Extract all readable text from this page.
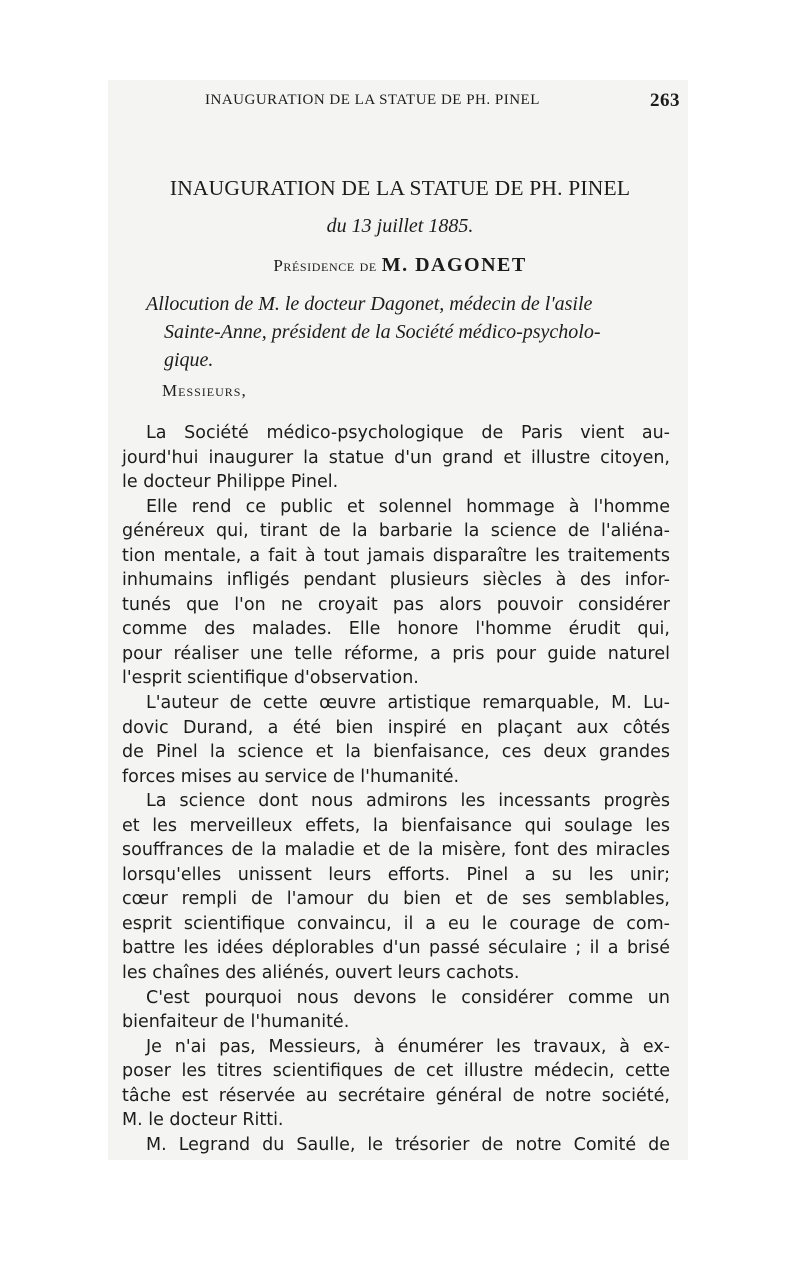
INAUGURATION DE LA STATUE DE PH. PINEL	263
INAUGURATION DE LA STATUE DE PH. PINEL
du 13 juillet 1885.
Présidence de M. DAGONET
Allocution de M. le docteur Dagonet, médecin de l'asile
Sainte-Anne, président de la Société médico-psycholo-
gique.
Messieurs,
La Société médico-psychologique de Paris vient au-
jourd'hui inaugurer la statue d'un grand et illustre citoyen,
le docteur Philippe Pinel.
Elle rend ce public et solennel hommage à l'homme
généreux qui, tirant de la barbarie la science de l'aliéna-
tion mentale, a fait à tout jamais disparaître les traitements
inhumains infligés pendant plusieurs siècles à des infor-
tunés que l'on ne croyait pas alors pouvoir considérer
comme des malades. Elle honore l'homme érudit qui,
pour réaliser une telle réforme, a pris pour guide naturel
l'esprit scientifique d'observation.
L'auteur de cette œuvre artistique remarquable, M. Lu-
dovic Durand, a été bien inspiré en plaçant aux côtés
de Pinel la science et la bienfaisance, ces deux grandes
forces mises au service de l'humanité.
La science dont nous admirons les incessants progrès
et les merveilleux effets, la bienfaisance qui soulage les
souffrances de la maladie et de la misère, font des miracles
lorsqu'elles unissent leurs efforts. Pinel a su les unir;
cœur rempli de l'amour du bien et de ses semblables,
esprit scientifique convaincu, il a eu le courage de com-
battre les idées déplorables d'un passé séculaire ; il a brisé
les chaînes des aliénés, ouvert leurs cachots.
C'est pourquoi nous devons le considérer comme un
bienfaiteur de l'humanité.
Je n'ai pas, Messieurs, à énumérer les travaux, à ex-
poser les titres scientifiques de cet illustre médecin, cette
tâche est réservée au secrétaire général de notre société,
M. le docteur Ritti.
M. Legrand du Saulle, le trésorier de notre Comité de
